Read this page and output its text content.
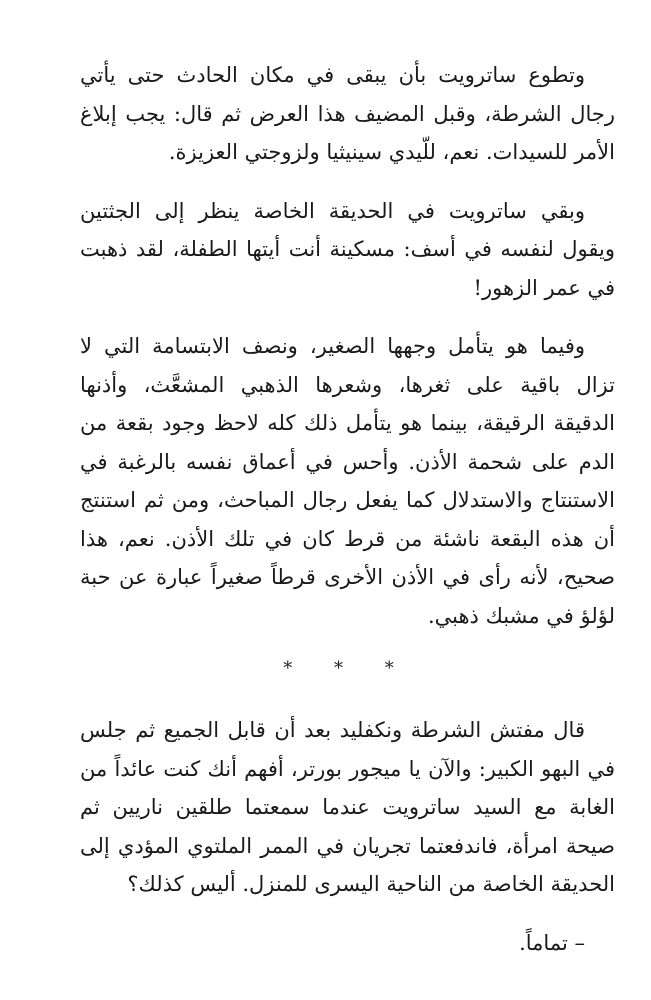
وتطوع ساترويت بأن يبقى في مكان الحادث حتى يأتي رجال الشرطة، وقبل المضيف هذا العرض ثم قال: يجب إبلاغ الأمر للسيدات. نعم، للّيدي سينيثيا ولزوجتي العزيزة.

وبقي ساترويت في الحديقة الخاصة ينظر إلى الجثتين ويقول لنفسه في أسف: مسكينة أنت أيتها الطفلة، لقد ذهبت في عمر الزهور!

وفيما هو يتأمل وجهها الصغير، ونصف الابتسامة التي لا تزال باقية على ثغرها، وشعرها الذهبي المشعَّث، وأذنها الدقيقة الرقيقة، بينما هو يتأمل ذلك كله لاحظ وجود بقعة من الدم على شحمة الأذن. وأحس في أعماق نفسه بالرغبة في الاستنتاج والاستدلال كما يفعل رجال المباحث، ومن ثم استنتج أن هذه البقعة ناشئة من قرط كان في تلك الأذن. نعم، هذا صحيح، لأنه رأى في الأذن الأخرى قرطاً صغيراً عبارة عن حبة لؤلؤ في مشبك ذهبي.

* * *

قال مفتش الشرطة ونكفليد بعد أن قابل الجميع ثم جلس في البهو الكبير: والآن يا ميجور بورتر، أفهم أنك كنت عائداً من الغابة مع السيد ساترويت عندما سمعتما طلقين ناريين ثم صيحة امرأة، فاندفعتما تجريان في الممر الملتوي المؤدي إلى الحديقة الخاصة من الناحية اليسرى للمنزل. أليس كذلك؟

– تماماً.
